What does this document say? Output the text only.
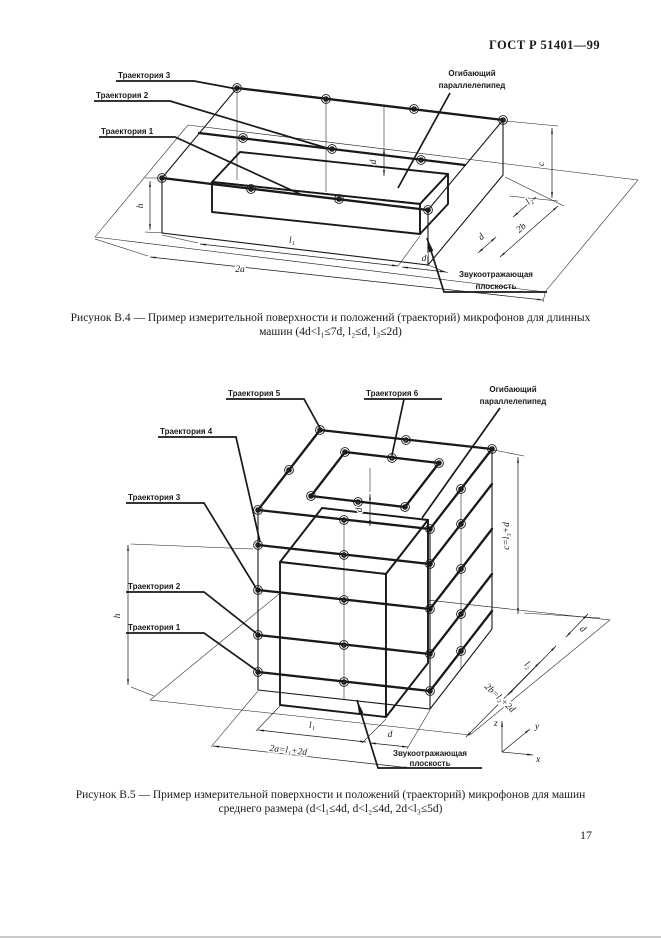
ГОСТ Р 51401—99
h
d	c
l₁
d
2a
l₂
2b
d
Траектория 3
Траектория 2
Траектория 1
Огибающий
параллелепипед
Звукоотражающая
плоскость
h
d
c=l₃+d
l₁
d
2a=l₁+2d
d
l₂
2b=l₂+2d
z	y
x
Траектория 5	Траектория 6	Огибающий
параллелепипед
Траектория 4
Траектория 3
Траектория 2
Траектория 1
Звукоотражающая
плоскость
Рисунок В.4 — Пример измерительной поверхности и положений (траекторий) микрофонов для длинных
машин (4d<l₁≤7d, l₂≤d, l₃≤2d)
Рисунок В.5 — Пример измерительной поверхности и положений (траекторий) микрофонов для машин
среднего размера (d<l₁≤4d, d<l₂≤4d, 2d<l₃≤5d)
17
